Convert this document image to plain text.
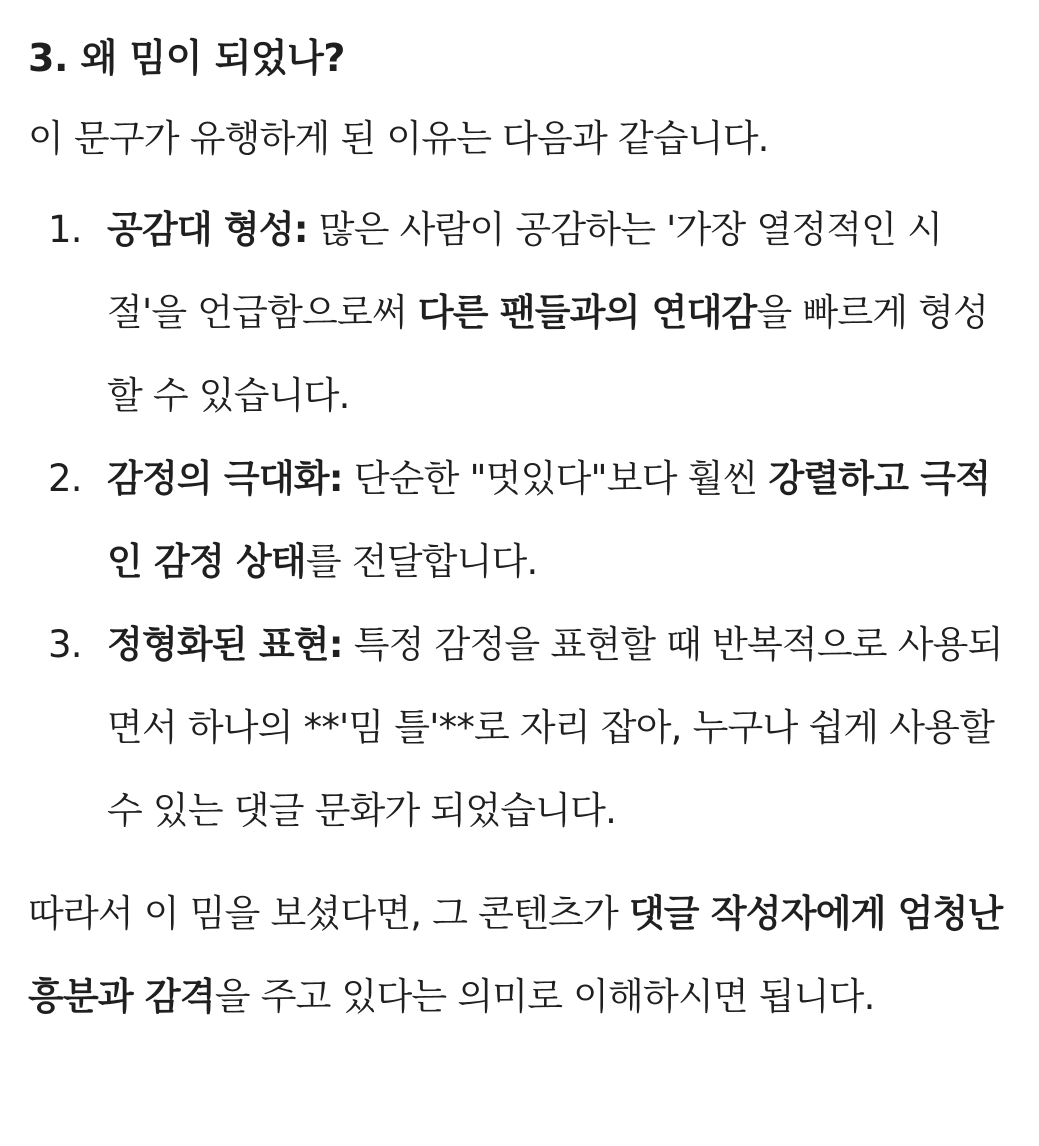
3. 왜 밈이 되었나?

이 문구가 유행하게 된 이유는 다음과 같습니다.

1. 공감대 형성: 많은 사람이 공감하는 '가장 열정적인 시절'을 언급함으로써 다른 팬들과의 연대감을 빠르게 형성할 수 있습니다.
2. 감정의 극대화: 단순한 "멋있다"보다 훨씬 강렬하고 극적인 감정 상태를 전달합니다.
3. 정형화된 표현: 특정 감정을 표현할 때 반복적으로 사용되면서 하나의 **'밈 틀'**로 자리 잡아, 누구나 쉽게 사용할 수 있는 댓글 문화가 되었습니다.

따라서 이 밈을 보셨다면, 그 콘텐츠가 댓글 작성자에게 엄청난 흥분과 감격을 주고 있다는 의미로 이해하시면 됩니다.
